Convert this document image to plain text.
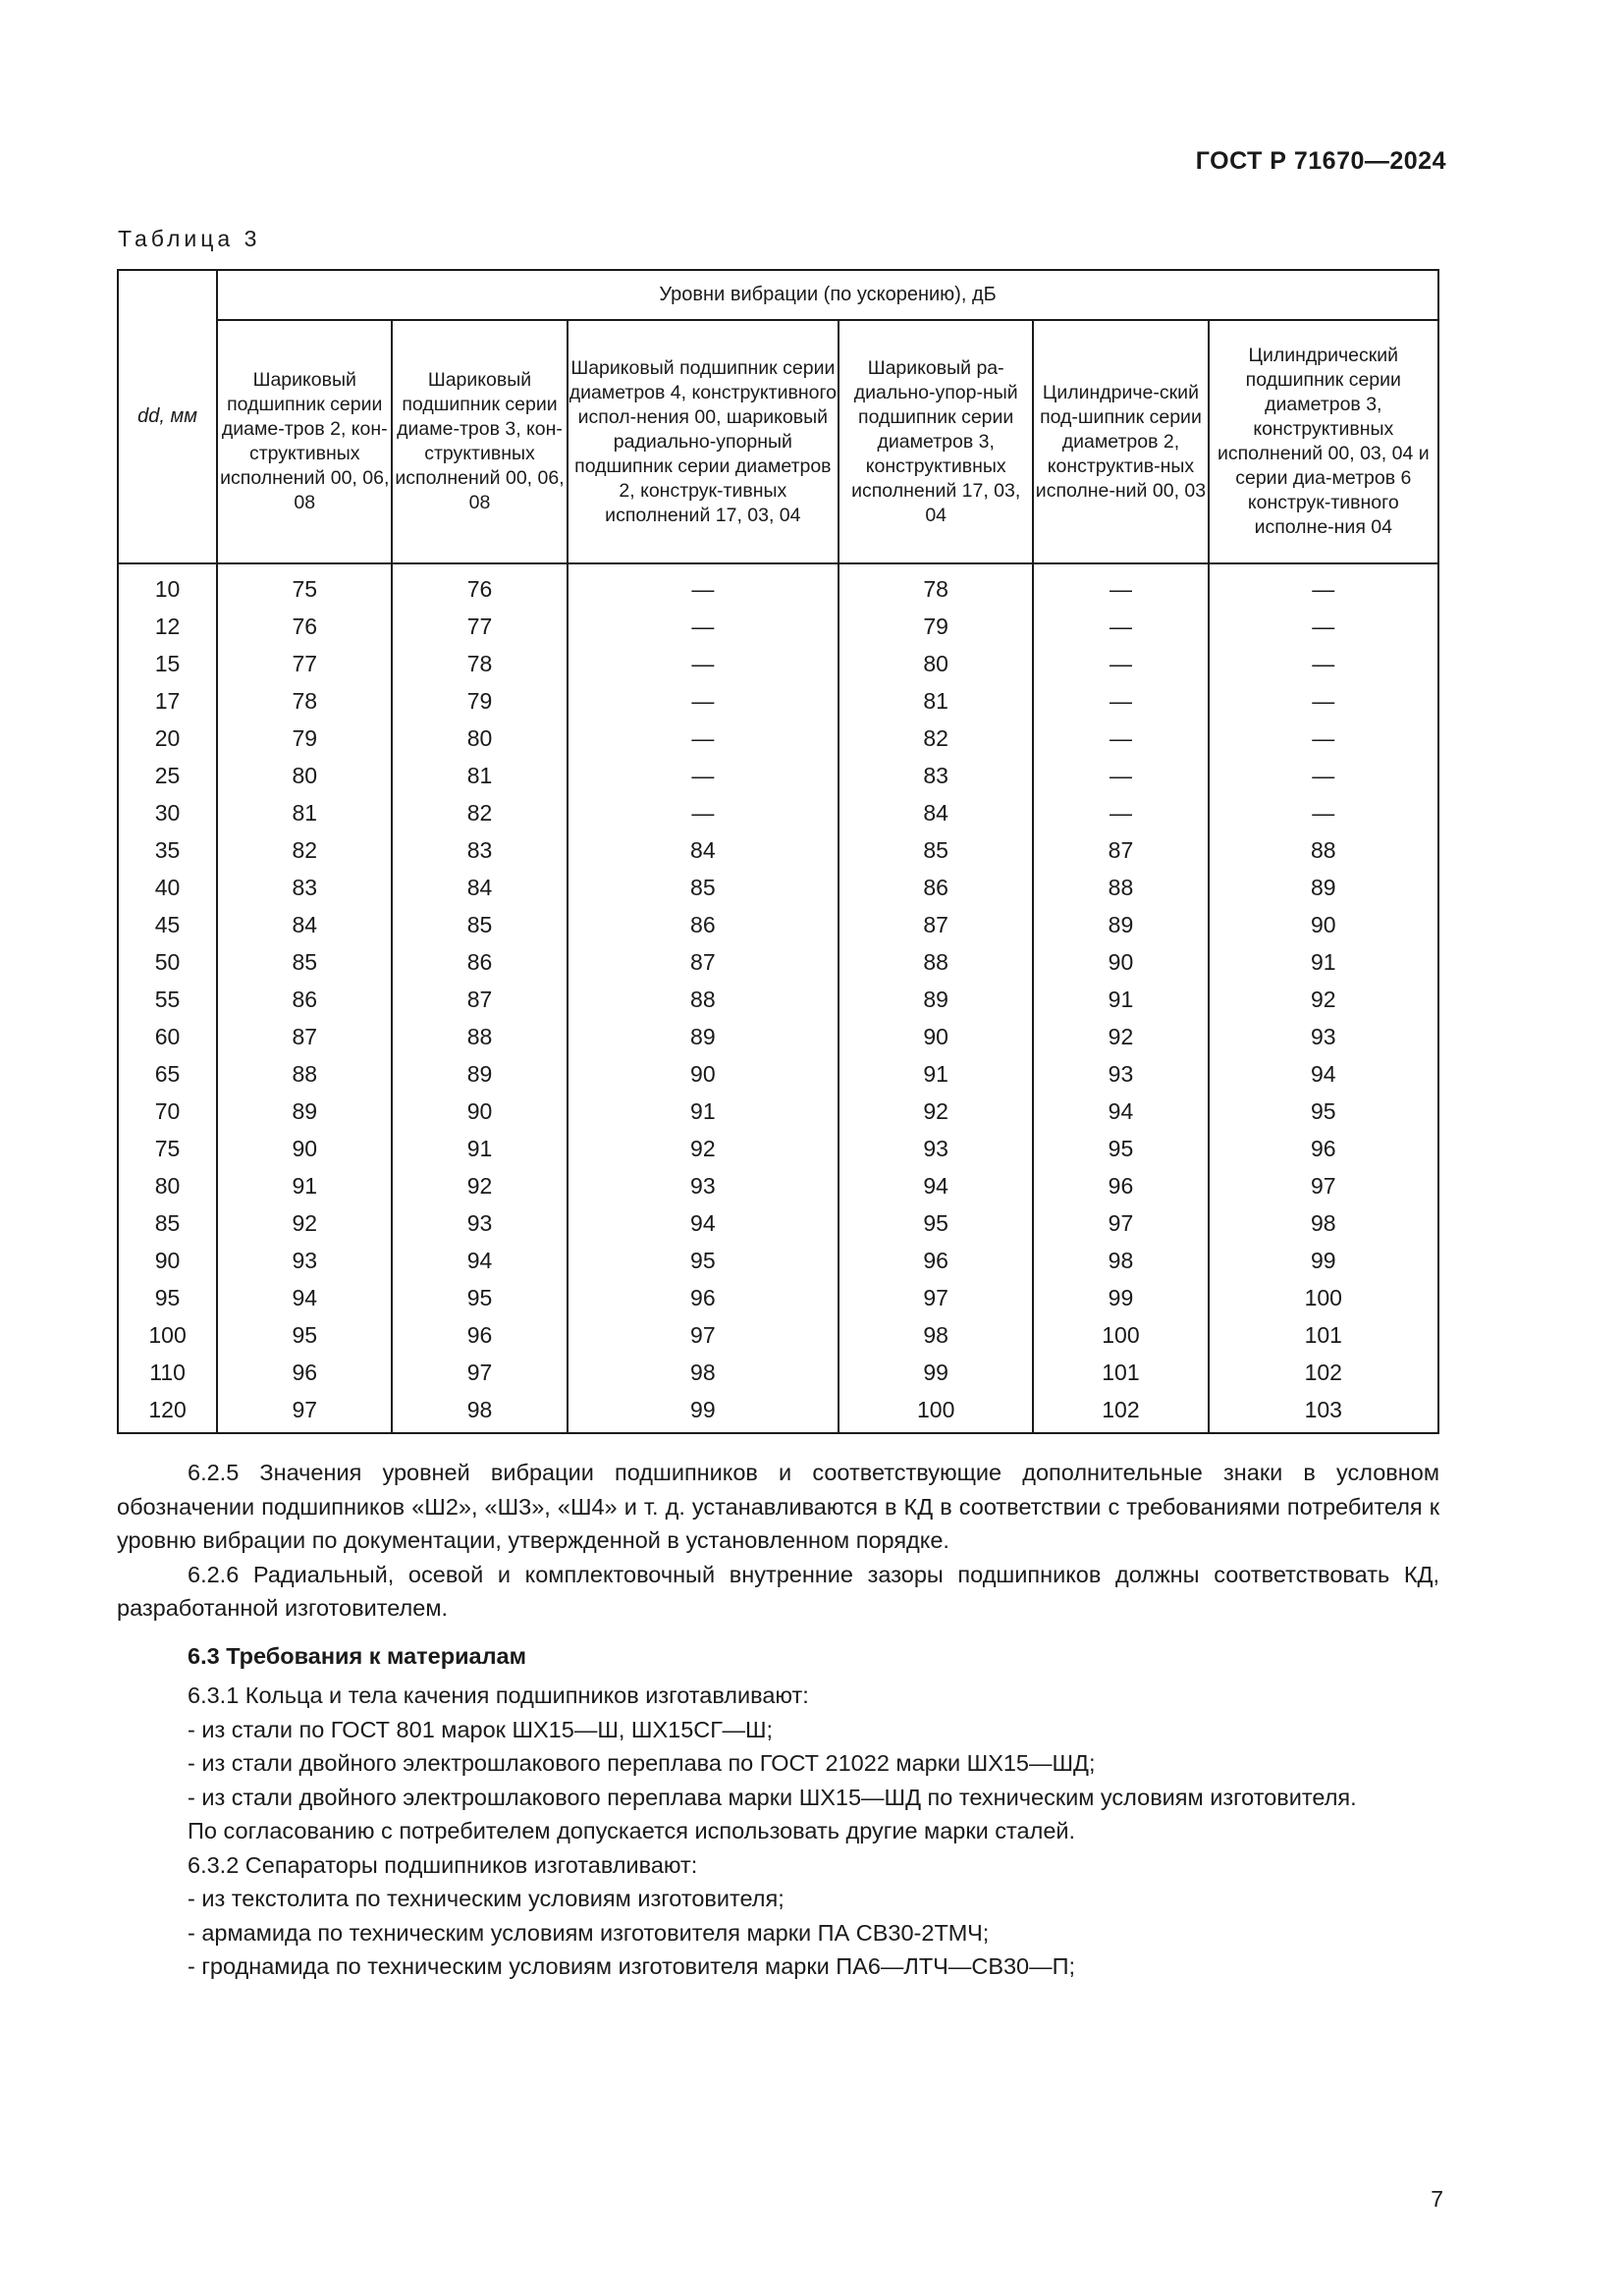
ГОСТ Р 71670—2024
Таблица 3
dd, мм	Уровни вибрации (по ускорению), дБ					
	Шариковый подшипник серии диаме-тров 2, кон-структивных исполнений 00, 06, 08	Шариковый подшипник серии диаме-тров 3, кон-структивных исполнений 00, 06, 08	Шариковый подшипник серии диаметров 4, конструктивного испол-нения 00, шариковый радиально-упорный подшипник серии диаметров 2, конструк-тивных исполнений 17, 03, 04	Шариковый ра-диально-упор-ный подшипник серии диаметров 3, конструктивных исполнений 17, 03, 04	Цилиндриче-ский под-шипник серии диаметров 2, конструктив-ных исполне-ний 00, 03	Цилиндрический подшипник серии диаметров 3, конструктивных исполнений 00, 03, 04 и серии диа-метров 6 конструк-тивного исполне-ния 04
10	75	76	—	78	—	—
12	76	77	—	79	—	—
15	77	78	—	80	—	—
17	78	79	—	81	—	—
20	79	80	—	82	—	—
25	80	81	—	83	—	—
30	81	82	—	84	—	—
35	82	83	84	85	87	88
40	83	84	85	86	88	89
45	84	85	86	87	89	90
50	85	86	87	88	90	91
55	86	87	88	89	91	92
60	87	88	89	90	92	93
65	88	89	90	91	93	94
70	89	90	91	92	94	95
75	90	91	92	93	95	96
80	91	92	93	94	96	97
85	92	93	94	95	97	98
90	93	94	95	96	98	99
95	94	95	96	97	99	100
100	95	96	97	98	100	101
110	96	97	98	99	101	102
120	97	98	99	100	102	103

6.2.5 Значения уровней вибрации подшипников и соответствующие дополнительные знаки в условном обозначении подшипников «Ш2», «Ш3», «Ш4» и т. д. устанавливаются в КД в соответствии с требованиями потребителя к уровню вибрации по документации, утвержденной в установленном порядке.

6.2.6 Радиальный, осевой и комплектовочный внутренние зазоры подшипников должны соответствовать КД, разработанной изготовителем.

6.3 Требования к материалам

6.3.1 Кольца и тела качения подшипников изготавливают:

- из стали по ГОСТ 801 марок ШХ15—Ш, ШХ15СГ—Ш;

- из стали двойного электрошлакового переплава по ГОСТ 21022 марки ШХ15—ШД;

- из стали двойного электрошлакового переплава марки ШХ15—ШД по техническим условиям изготовителя.

По согласованию с потребителем допускается использовать другие марки сталей.

6.3.2 Сепараторы подшипников изготавливают:

- из текстолита по техническим условиям изготовителя;

- армамида по техническим условиям изготовителя марки ПА СВ30-2ТМЧ;

- гроднамида по техническим условиям изготовителя марки ПА6—ЛТЧ—СВ30—П;

7
